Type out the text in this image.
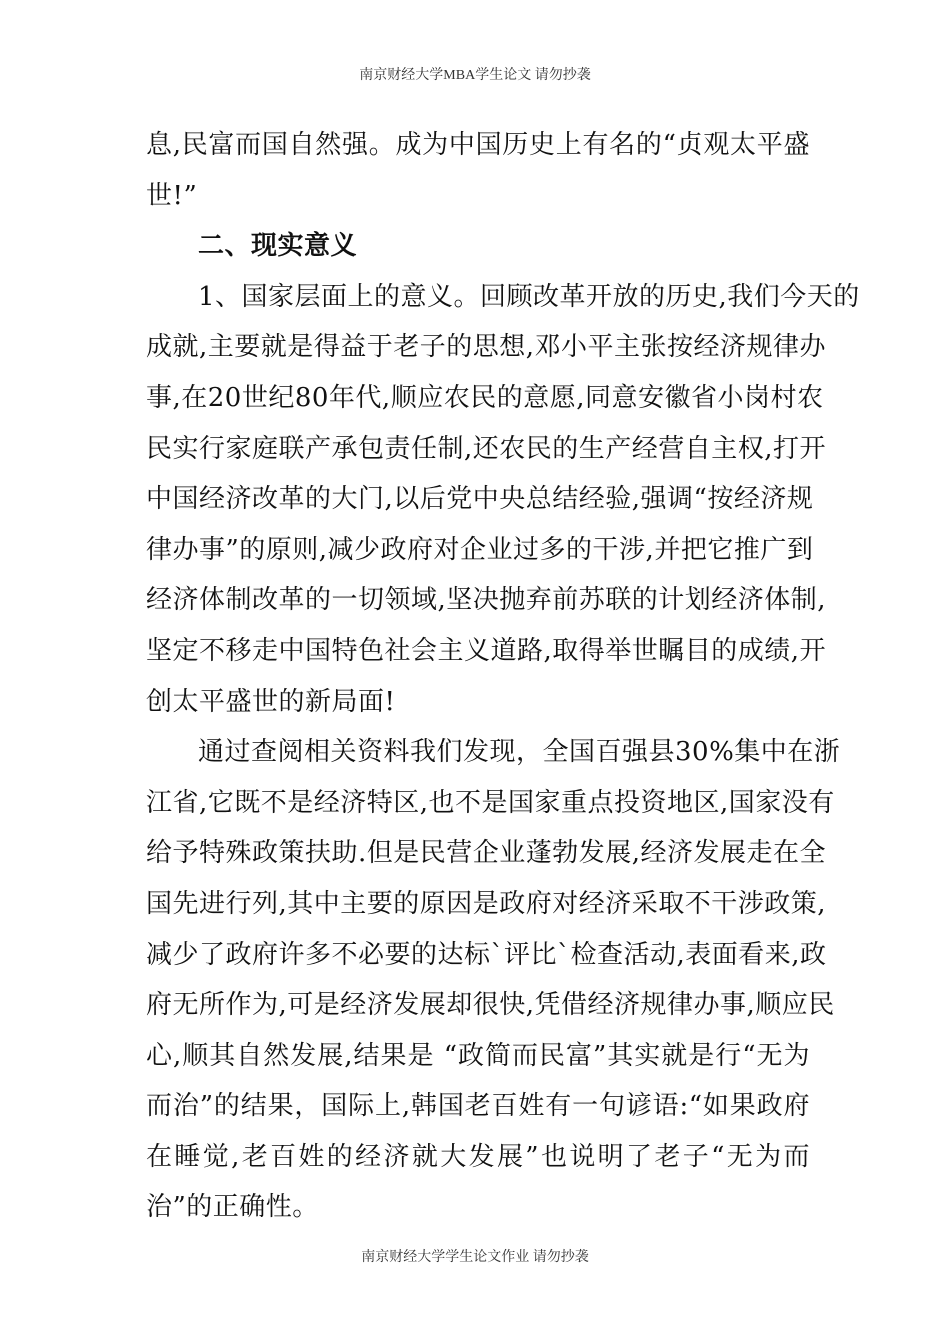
南京财经大学MBA学生论文 请勿抄袭
息,民富而国自然强。成为中国历史上有名的“贞观太平盛
世!”
二、现实意义
1、国家层面上的意义。回顾改革开放的历史,我们今天的
成就,主要就是得益于老子的思想,邓小平主张按经济规律办
事,在20世纪80年代,顺应农民的意愿,同意安徽省小岗村农
民实行家庭联产承包责任制,还农民的生产经营自主权,打开
中国经济改革的大门,以后党中央总结经验,强调“按经济规
律办事”的原则,减少政府对企业过多的干涉,并把它推广到
经济体制改革的一切领域,坚决抛弃前苏联的计划经济体制,
坚定不移走中国特色社会主义道路,取得举世瞩目的成绩,开
创太平盛世的新局面!
通过查阅相关资料我们发现，全国百强县30%集中在浙
江省,它既不是经济特区,也不是国家重点投资地区,国家没有
给予特殊政策扶助.但是民营企业蓬勃发展,经济发展走在全
国先进行列,其中主要的原因是政府对经济采取不干涉政策,
减少了政府许多不必要的达标`评比`检查活动,表面看来,政
府无所作为,可是经济发展却很快,凭借经济规律办事,顺应民
心,顺其自然发展,结果是 “政简而民富”其实就是行“无为
而治”的结果，国际上,韩国老百姓有一句谚语:“如果政府
在睡觉,老百姓的经济就大发展”也说明了老子“无为而
治”的正确性。
南京财经大学学生论文作业 请勿抄袭
